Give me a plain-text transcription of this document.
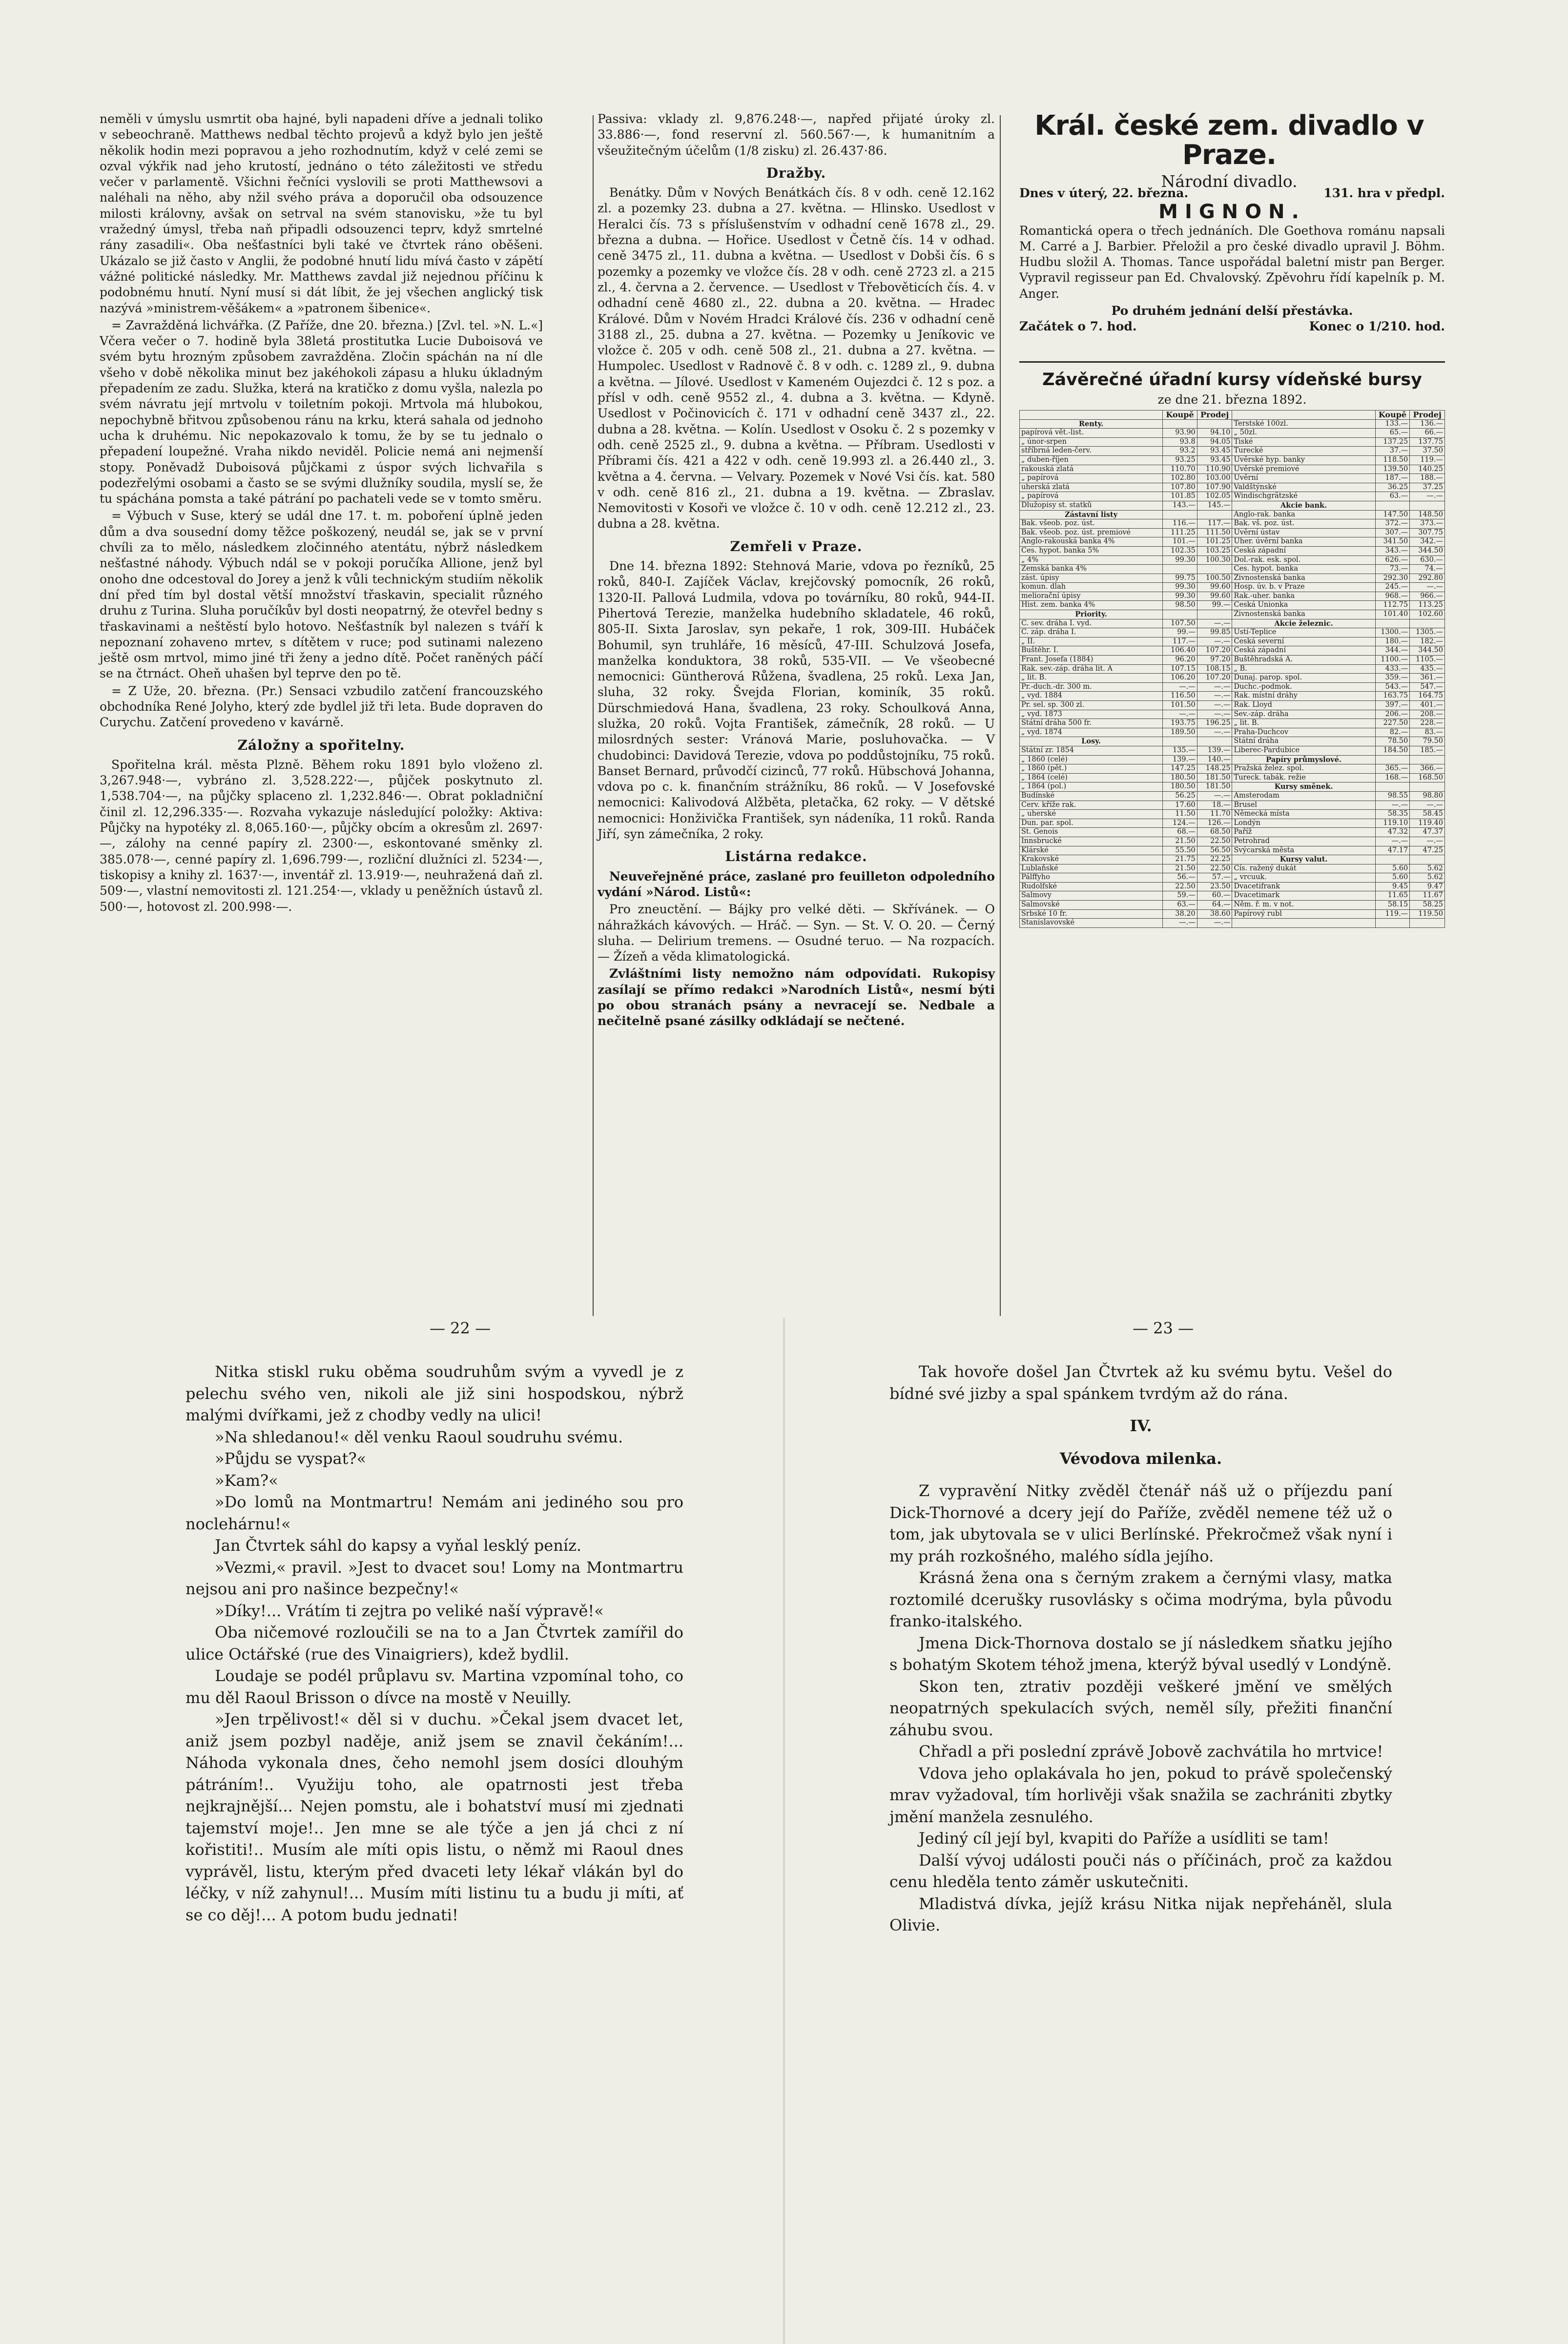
neměli v úmyslu usmrtit oba hajné, byli napadeni dříve a jednali toliko v sebeochraně. Matthews nedbal těchto projevů a když bylo jen ještě několik hodin mezi popravou a jeho rozhodnutím, když v celé zemi se ozval výkřik nad jeho krutostí, jednáno o této záležitosti ve středu večer v parlamentě. Všichni řečníci vyslovili se proti Matthewsovi a naléhali na něho, aby nžil svého práva a doporučil oba odsouzence milosti královny, avšak on setrval na svém stanovisku, »že tu byl vražedný úmysl, třeba naň připadli odsouzenci teprv, když smrtelné rány zasadili«. Oba nešťastníci byli také ve čtvrtek ráno oběšeni. Ukázalo se již často v Anglii, že podobné hnutí lidu mívá často v zápětí vážné politické následky. Mr. Matthews zavdal již nejednou příčinu k podobnému hnutí. Nyní musí si dát líbit, že jej všechen anglický tisk nazývá »ministrem-věšákem« a »patronem šibenice«.

= Zavražděná lichvářka. (Z Paříže, dne 20. března.) [Zvl. tel. »N. L.«] Včera večer o 7. hodině byla 38letá prostitutka Lucie Duboisová ve svém bytu hrozným způsobem zavražděna. Zločin spáchán na ní dle všeho v době několika minut bez jakéhokoli zápasu a hluku úkladným přepadením ze zadu. Služka, která na kratičko z domu vyšla, nalezla po svém návratu její mrtvolu v toiletním pokoji. Mrtvola má hlubokou, nepochybně břitvou způsobenou ránu na krku, která sahala od jednoho ucha k druhému. Nic nepokazovalo k tomu, že by se tu jednalo o přepadení loupežné. Vraha nikdo neviděl. Policie nemá ani nejmenší stopy. Poněvadž Duboisová půjčkami z úspor svých lichvařila s podezřelými osobami a často se se svými dlužníky soudila, myslí se, že tu spáchána pomsta a také pátrání po pachateli vede se v tomto směru.

= Výbuch v Suse, který se udál dne 17. t. m. poboření úplně jeden dům a dva sousední domy těžce poškozený, neudál se, jak se v první chvíli za to mělo, následkem zločinného atentátu, nýbrž následkem nešťastné náhody. Výbuch ndál se v pokoji poručíka Allione, jenž byl onoho dne odcestoval do Jorey a jenž k vůli technickým studiím několik dní před tím byl dostal větší množství třaskavin, specialit různého druhu z Turina. Sluha poručíkův byl dosti neopatrný, že otevřel bedny s třaskavinami a neštěstí bylo hotovo. Nešťastník byl nalezen s tváří k nepoznaní zohaveno mrtev, s dítětem v ruce; pod sutinami nalezeno ještě osm mrtvol, mimo jiné tři ženy a jedno dítě. Počet raněných páčí se na čtrnáct. Oheň uhašen byl teprve den po tě.

= Z Uže, 20. března. (Pr.) Sensaci vzbudilo zatčení francouzského obchodníka René Jolyho, který zde bydlel již tři leta. Bude dopraven do Curychu. Zatčení provedeno v kavárně.

Záložny a spořitelny.

Spořitelna král. města Plzně. Během roku 1891 bylo vloženo zl. 3,267.948·—, vybráno zl. 3,528.222·—, půjček poskytnuto zl. 1,538.704·—, na půjčky splaceno zl. 1,232.846·—. Obrat pokladniční činil zl. 12,296.335·—. Rozvaha vykazuje následující položky: Aktiva: Půjčky na hypotéky zl. 8,065.160·—, půjčky obcím a okresům zl. 2697·—, zálohy na cenné papíry zl. 2300·—, eskontované směnky zl. 385.078·—, cenné papíry zl. 1,696.799·—, rozliční dlužníci zl. 5234·—, tiskopisy a knihy zl. 1637·—, inventář zl. 13.919·—, neuhražená daň zl. 509·—, vlastní nemovitosti zl. 121.254·—, vklady u peněžních ústavů zl. 500·—, hotovost zl. 200.998·—.

Passiva: vklady zl. 9,876.248·—, napřed přijaté úroky zl. 33.886·—, fond reservní zl. 560.567·—, k humanitním a všeužitečným účelům (1/8 zisku) zl. 26.437·86.

Dražby.

Benátky. Dům v Nových Benátkách čís. 8 v odh. ceně 12.162 zl. a pozemky 23. dubna a 27. května. — Hlinsko. Usedlost v Heralci čís. 73 s příslušenstvím v odhadní ceně 1678 zl., 29. března a dubna. — Hořice. Usedlost v Četně čís. 14 v odhad. ceně 3475 zl., 11. dubna a května. — Usedlost v Dobši čís. 6 s pozemky a pozemky ve vložce čís. 28 v odh. ceně 2723 zl. a 215 zl., 4. června a 2. července. — Usedlost v Třebověticích čís. 4. v odhadní ceně 4680 zl., 22. dubna a 20. května. — Hradec Králové. Dům v Novém Hradci Králové čís. 236 v odhadní ceně 3188 zl., 25. dubna a 27. května. — Pozemky u Jeníkovic ve vložce č. 205 v odh. ceně 508 zl., 21. dubna a 27. května. — Humpolec. Usedlost v Radnově č. 8 v odh. c. 1289 zl., 9. dubna a května. — Jílové. Usedlost v Kameném Oujezdci č. 12 s poz. a přísl v odh. ceně 9552 zl., 4. dubna a 3. května. — Kdyně. Usedlost v Počinovicích č. 171 v odhadní ceně 3437 zl., 22. dubna a 28. května. — Kolín. Usedlost v Osoku č. 2 s pozemky v odh. ceně 2525 zl., 9. dubna a května. — Příbram. Usedlosti v Příbrami čís. 421 a 422 v odh. ceně 19.993 zl. a 26.440 zl., 3. května a 4. června. — Velvary. Pozemek v Nové Vsi čís. kat. 580 v odh. ceně 816 zl., 21. dubna a 19. května. — Zbraslav. Nemovitosti v Kosoři ve vložce č. 10 v odh. ceně 12.212 zl., 23. dubna a 28. května.

Zemřeli v Praze.

Dne 14. března 1892: Stehnová Marie, vdova po řezníků, 25 roků, 840-I. Zajíček Václav, krejčovský pomocník, 26 roků, 1320-II. Pallová Ludmila, vdova po továrníku, 80 roků, 944-II. Pihertová Terezie, manželka hudebního skladatele, 46 roků, 805-II. Sixta Jaroslav, syn pekaře, 1 rok, 309-III. Hubáček Bohumil, syn truhláře, 16 měsíců, 47-III. Schulzová Josefa, manželka konduktora, 38 roků, 535-VII. — Ve všeobecné nemocnici: Güntherová Růžena, švadlena, 25 roků. Lexa Jan, sluha, 32 roky. Švejda Florian, kominík, 35 roků. Dürschmiedová Hana, švadlena, 23 roky. Schoulková Anna, služka, 20 roků. Vojta František, zámečník, 28 roků. — U milosrdných sester: Vránová Marie, posluhovačka. — V chudobinci: Davidová Terezie, vdova po poddůstojníku, 75 roků. Banset Bernard, průvodčí cizinců, 77 roků. Hübschová Johanna, vdova po c. k. finančním strážníku, 86 roků. — V Josefovské nemocnici: Kalivodová Alžběta, pletačka, 62 roky. — V dětské nemocnici: Honživička František, syn nádeníka, 11 roků. Randa Jiří, syn zámečníka, 2 roky.

Listárna redakce.

Neuveřejněné práce, zaslané pro feuilleton odpoledního vydání »Národ. Listů«:

Pro zneuctění. — Bájky pro velké děti. — Skřívánek. — O náhražkách kávových. — Hráč. — Syn. — St. V. O. 20. — Černý sluha. — Delirium tremens. — Osudné teruo. — Na rozpacích. — Žízeň a věda klimatologická.

Zvláštními listy nemožno nám odpovídati. Rukopisy zasílají se přímo redakci »Narodních Listů«, nesmí býti po obou stranách psány a nevracejí se. Nedbale a nečitelně psané zásilky odkládají se nečtené.

Král. české zem. divadlo v Praze.
Národní divadlo.
Dnes v úterý, 22. března.	131. hra v předpl.
MIGNON.

Romantická opera o třech jednáních. Dle Goethova románu napsali M. Carré a J. Barbier. Přeložil a pro české divadlo upravil J. Böhm. Hudbu složil A. Thomas. Tance uspořádal baletní mistr pan Berger. Vypravil regisseur pan Ed. Chvalovský. Zpěvohru řídí kapelník p. M. Anger.

Po druhém jednání delší přestávka.
Začátek o 7. hod.	Konec o 1/210. hod.
Závěrečné úřadní kursy vídeňské bursy
ze dne 21. března 1892.
	Koupě	Prodej		Koupě	Prodej
Renty.			Terstské 100zl.	133.—	136.—
papírová vět.-list.	93.90	94.10	„ 50zl.	65.—	66.—
„ únor-srpen	93.8	94.05	Tiské	137.25	137.75
stříbrná leden-červ.	93.2	93.45	Turecké	37.—	37.50
„ duben-říjen	93.25	93.45	Úvěrské hyp. banky	118.50	119.—
rakouská zlatá	110.70	110.90	Úvěrské premiové	139.50	140.25
„ papírová	102.80	103.00	Úvěrní	187.—	188.—
uherská zlatá	107.80	107.90	Valdštýnské	36.25	37.25
„ papírová	101.85	102.05	Windischgrätzské	63.—	—.—
Dlužopisy st. statků	143.—	145.—	Akcie bank.		
Zástavní listy			Anglo-rak. banka	147.50	148.50
Bak. všeob. poz. úst.	116.—	117.—	Bak. vš. poz. úst.	372.—	373.—
Bak. všeob. poz. úst. premiové	111.25	111.50	Úvěrní ústav	307.—	307.75
Anglo-rakouská banka 4%	101.—	101.25	Uher. úvěrní banka	341.50	342.—
Čes. hypot. banka 5%	102.35	103.25	Česká západní	343.—	344.50
„ 4%	99.30	100.30	Dol.-rak. esk. spol.	626.—	630.—
Zemská banka 4%			Čes. hypot. banka	73.—	74.—
zást. úpisy	99.75	100.50	Živnostenská banka	292.30	292.80
komun. dlah	99.30	99.60	Hosp. úv. b. v Praze	245.—	—.—
meliorační úpisy	99.30	99.60	Rak.-uher. banka	968.—	966.—
Hist. zem. banka 4%	98.50	99.—	Česká Unionka	112.75	113.25
Priority.			Živnostenská banka	101.40	102.60
Č. sev. dráha I. vyd.	107.50	—.—	Akcie železnic.		
Č. záp. dráha I.	99.—	99.85	Ústí-Teplice	1300.—	1305.—
„ II.	117.—	—.—	Česká severní	180.—	182.—
Buštěhr. I.	106.40	107.20	Česká západní	344.—	344.50
Frant. Josefa (1884)	96.20	97.20	Buštěhradská A.	1100.—	1105.—
Rak. sev.-záp. dráha lit. A	107.15	108.15	„ B.	433.—	435.—
„ lit. B.	106.20	107.20	Dunaj. parop. spol.	359.—	361.—
Pr.-duch.-dr. 300 m.	—.—	—.—	Duchc.-podmok.	543.—	547.—
„ vyd. 1884	116.50	—.—	Rak. místní dráhy	163.75	164.75
Pr. sel. sp. 300 zl.	101.50	—.—	Rak. Lloyd	397.—	401.—
„ vyd. 1873	—.—	—.—	Sev.-záp. dráha	206.—	208.—
Státní dráha 500 fr.	193.75	196.25	„ lit. B.	227.50	228.—
„ vyd. 1874	189.50	—.—	Praha-Duchcov	82.—	83.—
Losy.			Státní dráha	78.50	79.50
Státní zr. 1854	135.—	139.—	Liberec-Pardubice	184.50	185.—
„ 1860 (celé)	139.—	140.—	Papíry průmyslové.		
„ 1860 (pět.)	147.25	148.25	Pražská želez. spol.	365.—	366.—
„ 1864 (celé)	180.50	181.50	Tureck. tabák. režie	168.—	168.50
„ 1864 (pol.)	180.50	181.50	Kursy směnek.		
Budínské	56.25	—.—	Amsterodam	98.55	98.80
Červ. kříže rak.	17.60	18.—	Brusel	—.—	—.—
„ uherské	11.50	11.70	Německá místa	58.35	58.45
Dun. par. spol.	124.—	126.—	Londýn	119.10	119.40
St. Genois	68.—	68.50	Paříž	47.32	47.37
Innsbrucké	21.50	22.50	Petrohrad	—.—	—.—
Klárské	55.50	56.50	Švýcarská města	47.17	47.25
Krakovské	21.75	22.25	Kursy valut.		
Lublaňské	21.50	22.50	Cís. ražený dukát	5.60	5.62
Pálffyho	56.—	57.—	„ vrcuuk.	5.60	5.62
Rudolfské	22.50	23.50	Dvacetifrank	9.45	9.47
Salmovy	59.—	60.—	Dvacetimark	11.65	11.67
Salmovské	63.—	64.—	Něm. ř. m. v not.	58.15	58.25
Srbské 10 fr.	38.20	38.60	Papírový rubl	119.—	119.50
Stanislavovské	—.—	—.—			
— 22 —

Nitka stiskl ruku oběma soudruhům svým a vyvedl je z pelechu svého ven, nikoli ale již sini hospodskou, nýbrž malými dvířkami, jež z chodby vedly na ulici!

»Na shledanou!« děl venku Raoul soudruhu svému.

»Půjdu se vyspat?«

»Kam?«

»Do lomů na Montmartru! Nemám ani jediného sou pro noclehárnu!«

Jan Čtvrtek sáhl do kapsy a vyňal lesklý peníz.

»Vezmi,« pravil. »Jest to dvacet sou! Lomy na Montmartru nejsou ani pro našince bezpečny!«

»Díky!... Vrátím ti zejtra po veliké naší výpravě!«

Oba ničemové rozloučili se na to a Jan Čtvrtek zamířil do ulice Octářské (rue des Vinaigriers), kdež bydlil.

Loudaje se podél průplavu sv. Martina vzpomínal toho, co mu děl Raoul Brisson o dívce na mostě v Neuilly.

»Jen trpělivost!« děl si v duchu. »Čekal jsem dvacet let, aniž jsem pozbyl naděje, aniž jsem se znavil čekáním!... Náhoda vykonala dnes, čeho nemohl jsem dosíci dlouhým pátráním!.. Využiju toho, ale opatrnosti jest třeba nejkrajnější... Nejen pomstu, ale i bohatství musí mi zjednati tajemství moje!.. Jen mne se ale týče a jen já chci z ní kořistiti!.. Musím ale míti opis listu, o němž mi Raoul dnes vyprávěl, listu, kterým před dvaceti lety lékař vlákán byl do léčky, v níž zahynul!... Musím míti listinu tu a budu ji míti, ať se co děj!... A potom budu jednati!

— 23 —

Tak hovoře došel Jan Čtvrtek až ku svému bytu. Vešel do bídné své jizby a spal spánkem tvrdým až do rána.

IV.
Vévodova milenka.

Z vypravění Nitky zvěděl čtenář náš už o příjezdu paní Dick-Thornové a dcery její do Paříže, zvěděl nemene též už o tom, jak ubytovala se v ulici Berlínské. Překročmež však nyní i my práh rozkošného, malého sídla jejího.

Krásná žena ona s černým zrakem a černými vlasy, matka roztomilé dcerušky rusovlásky s očima modrýma, byla původu franko-italského.

Jmena Dick-Thornova dostalo se jí následkem sňatku jejího s bohatým Skotem téhož jmena, kterýž býval usedlý v Londýně.

Skon ten, ztrativ později veškeré jmění ve smělých neopatrných spekulacích svých, neměl síly, přežiti finanční záhubu svou.

Chřadl a při poslední zprávě Jobově zachvátila ho mrtvice!

Vdova jeho oplakávala ho jen, pokud to právě společenský mrav vyžadoval, tím horlivěji však snažila se zachrániti zbytky jmění manžela zesnulého.

Jediný cíl její byl, kvapiti do Paříže a usídliti se tam!

Další vývoj události pouči nás o příčinách, proč za každou cenu hleděla tento záměr uskutečniti.

Mladistvá dívka, jejíž krásu Nitka nijak nepřeháněl, slula Olivie.
